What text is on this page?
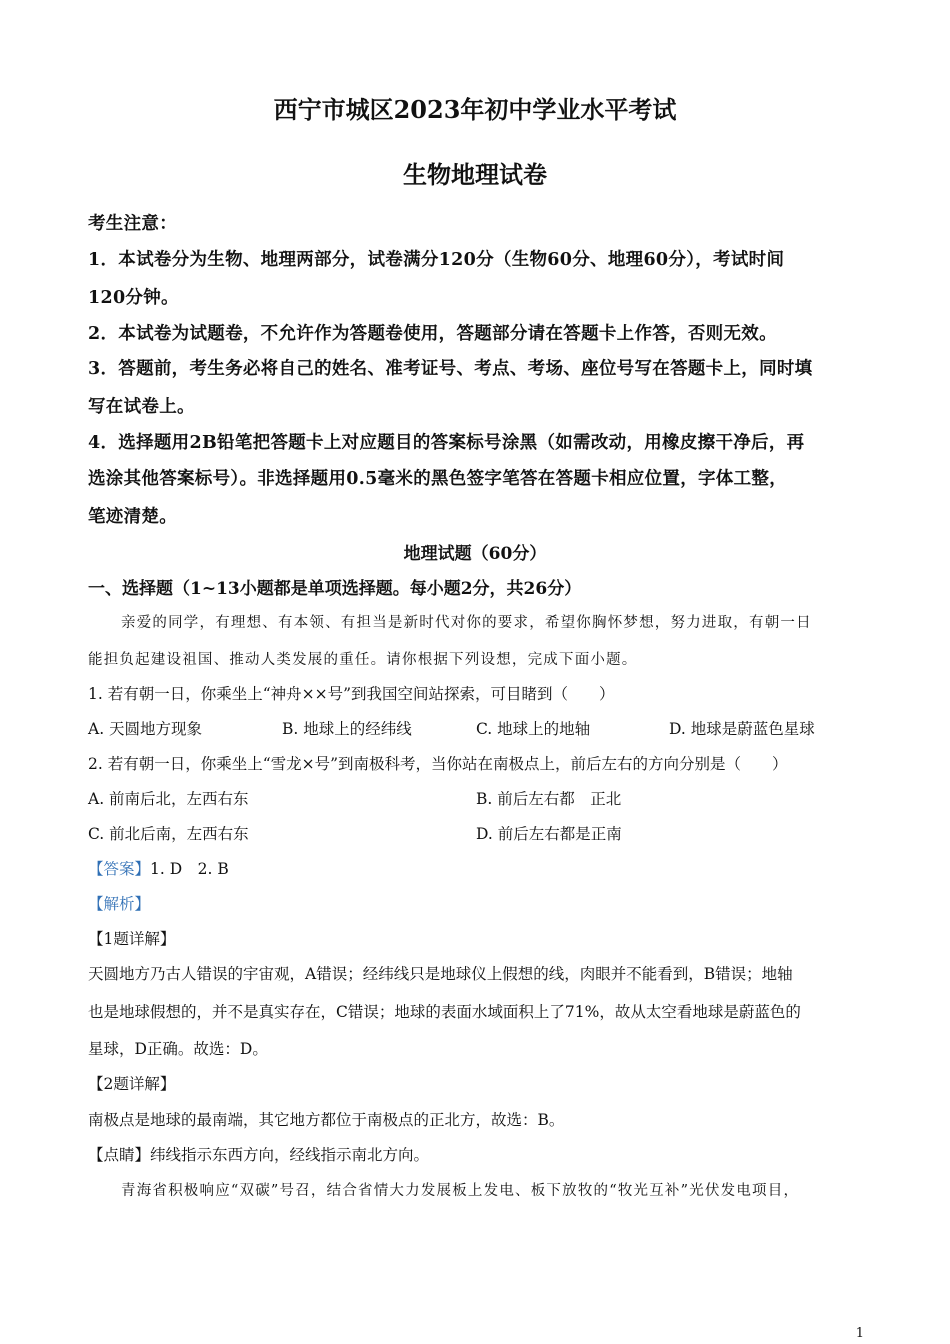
西宁市城区2023年初中学业水平考试
生物地理试卷
考生注意：
1．本试卷分为生物、地理两部分，试卷满分120分（生物60分、地理60分），考试时间
120分钟。
2．本试卷为试题卷，不允许作为答题卷使用，答题部分请在答题卡上作答，否则无效。
3．答题前，考生务必将自己的姓名、准考证号、考点、考场、座位号写在答题卡上，同时填
写在试卷上。
4．选择题用2B铅笔把答题卡上对应题目的答案标号涂黑（如需改动，用橡皮擦干净后，再
选涂其他答案标号）。非选择题用0.5毫米的黑色签字笔答在答题卡相应位置，字体工整，
笔迹清楚。
地理试题（60分）
一、选择题（1~13小题都是单项选择题。每小题2分，共26分）
亲爱的同学，有理想、有本领、有担当是新时代对你的要求，希望你胸怀梦想，努力进取，有朝一日
能担负起建设祖国、推动人类发展的重任。请你根据下列设想，完成下面小题。
1. 若有朝一日，你乘坐上“神舟××号”到我国空间站探索，可目睹到（　　）
A. 天圆地方现象	B. 地球上的经纬线	C. 地球上的地轴	D. 地球是蔚蓝色星球
2. 若有朝一日，你乘坐上“雪龙×号”到南极科考，当你站在南极点上，前后左右的方向分别是（　　）
A. 前南后北，左西右东	B. 前后左右都　正北
C. 前北后南，左西右东	D. 前后左右都是正南
【答案】1. D　2. B
【解析】
【1题详解】
天圆地方乃古人错误的宇宙观，A错误；经纬线只是地球仪上假想的线，肉眼并不能看到，B错误；地轴
也是地球假想的，并不是真实存在，C错误；地球的表面水域面积上了71%，故从太空看地球是蔚蓝色的
星球，D正确。故选：D。
【2题详解】
南极点是地球的最南端，其它地方都位于南极点的正北方，故选：B。
【点睛】纬线指示东西方向，经线指示南北方向。
青海省积极响应“双碳”号召，结合省情大力发展板上发电、板下放牧的“牧光互补”光伏发电项目，
1
